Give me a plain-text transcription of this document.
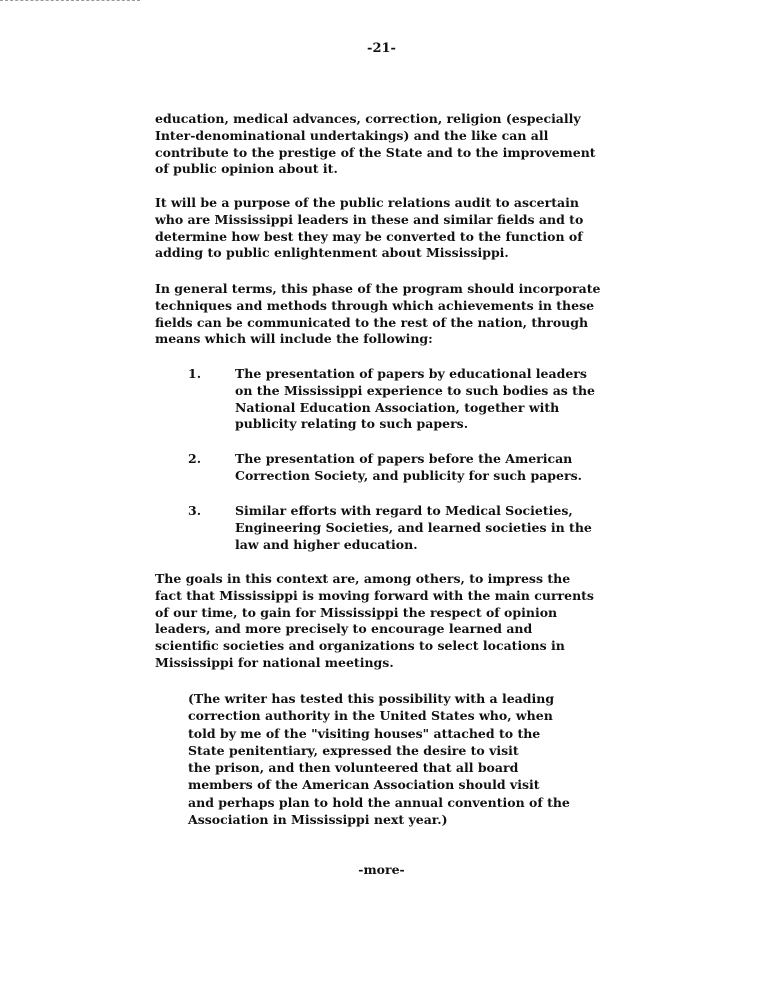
-21-

education, medical advances, correction, religion (especially
Inter-denominational undertakings) and the like can all
contribute to the prestige of the State and to the improvement
of public opinion about it.

It will be a purpose of the public relations audit to ascertain
who are Mississippi leaders in these and similar fields and to
determine how best they may be converted to the function of
adding to public enlightenment about Mississippi.

In general terms, this phase of the program should incorporate
techniques and methods through which achievements in these
fields can be communicated to the rest of the nation, through
means which will include the following:

1.	The presentation of papers by educational leaders
on the Mississippi experience to such bodies as the
National Education Association, together with
publicity relating to such papers.
2.	The presentation of papers before the American
Correction Society, and publicity for such papers.
3.	Similar efforts with regard to Medical Societies,
Engineering Societies, and learned societies in the
law and higher education.

The goals in this context are, among others, to impress the
fact that Mississippi is moving forward with the main currents
of our time, to gain for Mississippi the respect of opinion
leaders, and more precisely to encourage learned and
scientific societies and organizations to select locations in
Mississippi for national meetings.

(The writer has tested this possibility with a leading
correction authority in the United States who, when
told by me of the "visiting houses" attached to the
State penitentiary, expressed the desire to visit
the prison, and then volunteered that all board
members of the American Association should visit
and perhaps plan to hold the annual convention of the
Association in Mississippi next year.)
-more-
